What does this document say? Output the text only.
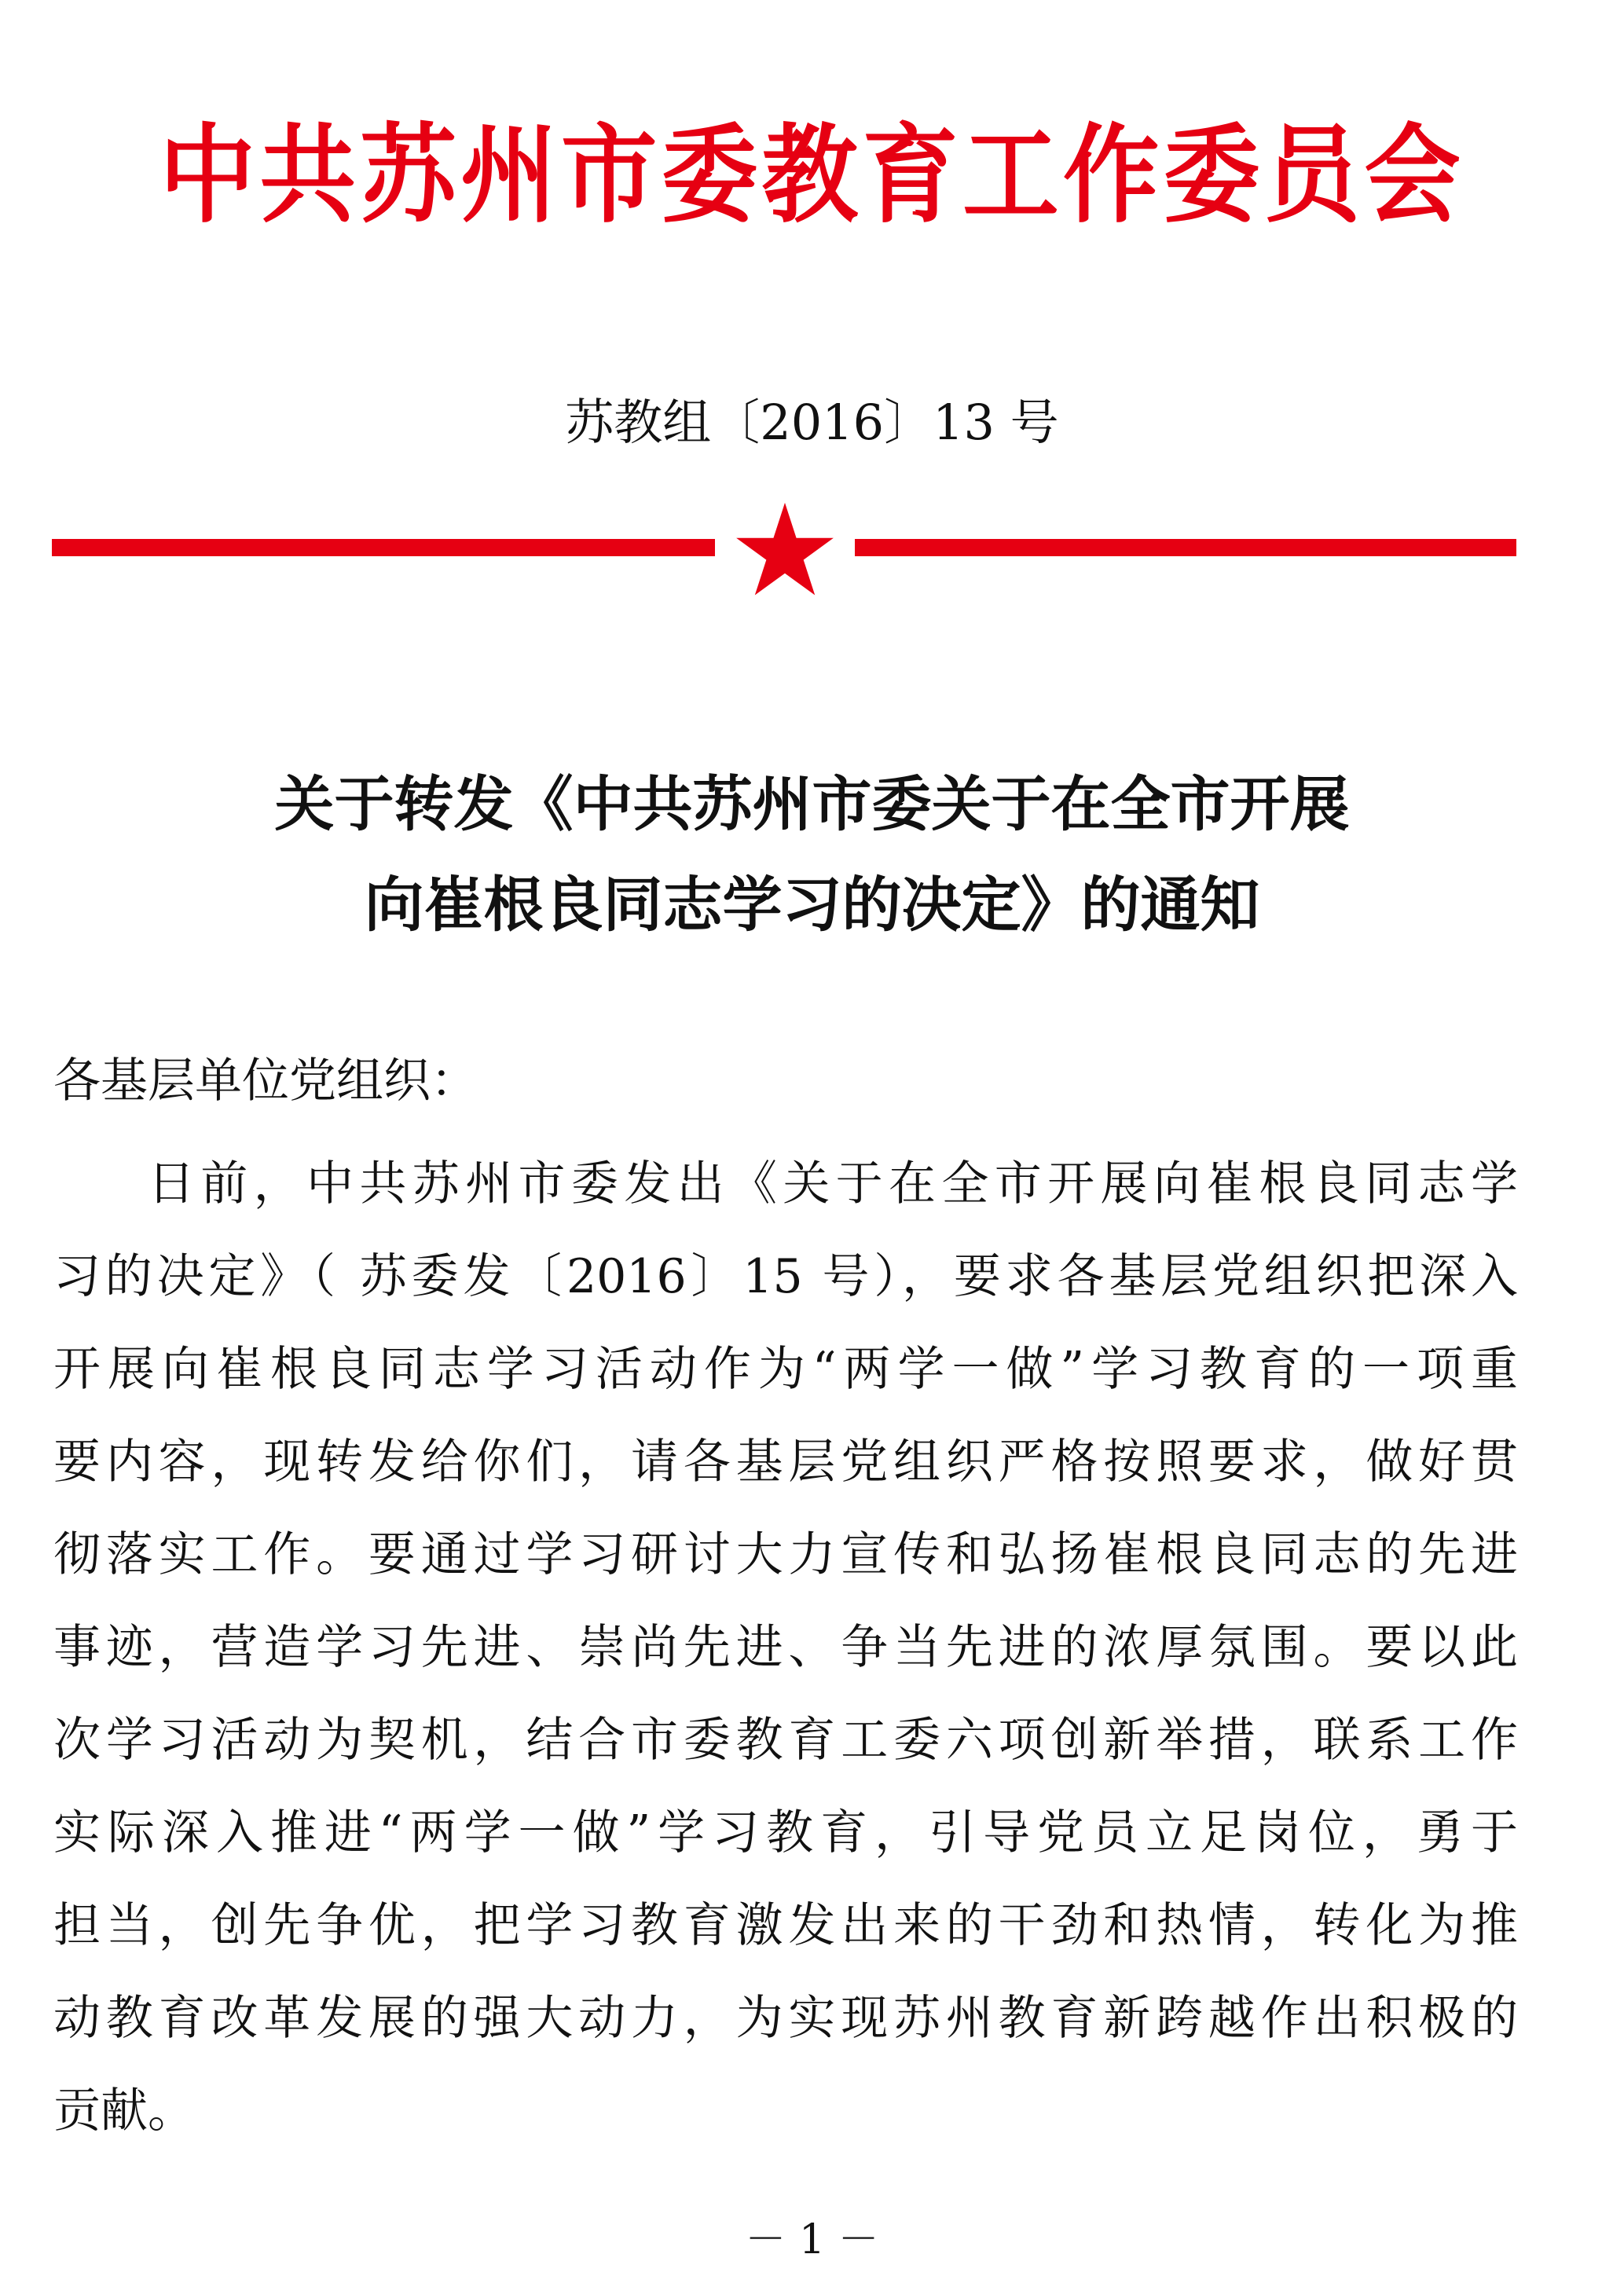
中共苏州市委教育工作委员会
苏教组〔2016〕13 号
关于转发《中共苏州市委关于在全市开展
向崔根良同志学习的决定》的通知
各基层单位党组织：
日前，中共苏州市委发出《关于在全市开展向崔根良同志学
习的决定》（ 苏委发〔2016〕15 号），要求各基层党组织把深入
开展向崔根良同志学习活动作为“两学一做”学习教育的一项重
要内容，现转发给你们，请各基层党组织严格按照要求，做好贯
彻落实工作。要通过学习研讨大力宣传和弘扬崔根良同志的先进
事迹，营造学习先进、崇尚先进、争当先进的浓厚氛围。要以此
次学习活动为契机，结合市委教育工委六项创新举措，联系工作
实际深入推进“两学一做”学习教育，引导党员立足岗位，勇于
担当，创先争优，把学习教育激发出来的干劲和热情，转化为推
动教育改革发展的强大动力，为实现苏州教育新跨越作出积极的
贡献。
－ 1 －
